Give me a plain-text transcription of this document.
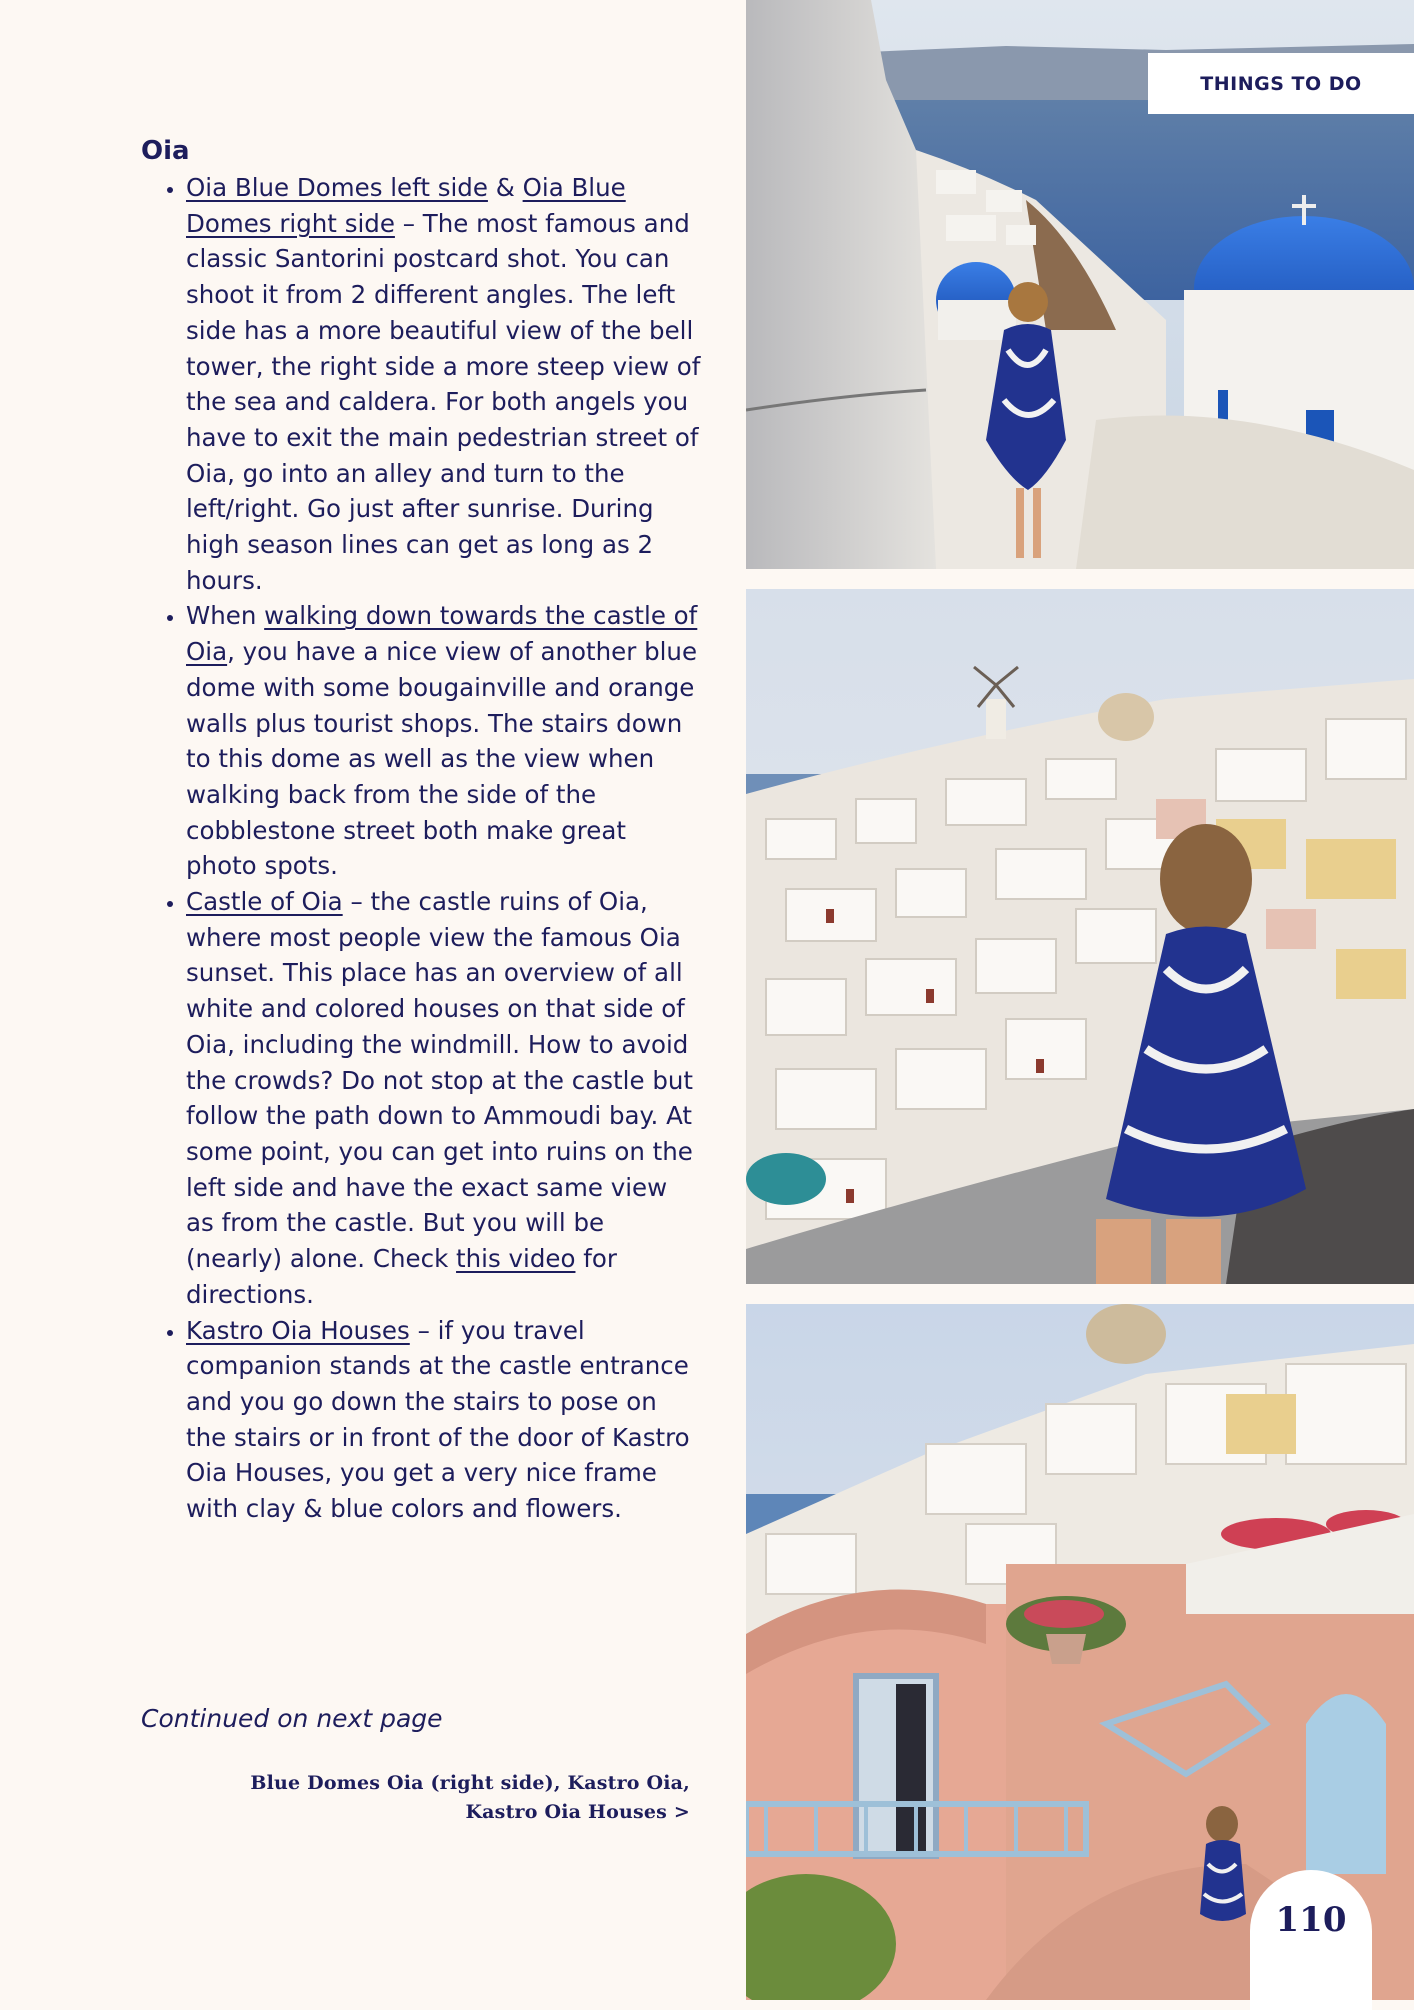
Oia
• Oia Blue Domes left side & Oia Blue Domes right side – The most famous and classic Santorini postcard shot. You can shoot it from 2 different angles. The left side has a more beautiful view of the bell tower, the right side a more steep view of the sea and caldera. For both angels you have to exit the main pedestrian street of Oia, go into an alley and turn to the left/right. Go just after sunrise. During high season lines can get as long as 2 hours.
• When walking down towards the castle of Oia, you have a nice view of another blue dome with some bougainville and orange walls plus tourist shops. The stairs down to this dome as well as the view when walking back from the side of the cobblestone street both make great photo spots.
• Castle of Oia – the castle ruins of Oia, where most people view the famous Oia sunset. This place has an overview of all white and colored houses on that side of Oia, including the windmill. How to avoid the crowds? Do not stop at the castle but follow the path down to Ammoudi bay. At some point, you can get into ruins on the left side and have the exact same view as from the castle. But you will be (nearly) alone. Check this video for directions.
• Kastro Oia Houses – if you travel companion stands at the castle entrance and you go down the stairs to pose on the stairs or in front of the door of Kastro Oia Houses, you get a very nice frame with clay & blue colors and flowers.
Continued on next page
Blue Domes Oia (right side), Kastro Oia,
Kastro Oia Houses >
THINGS TO DO
110
